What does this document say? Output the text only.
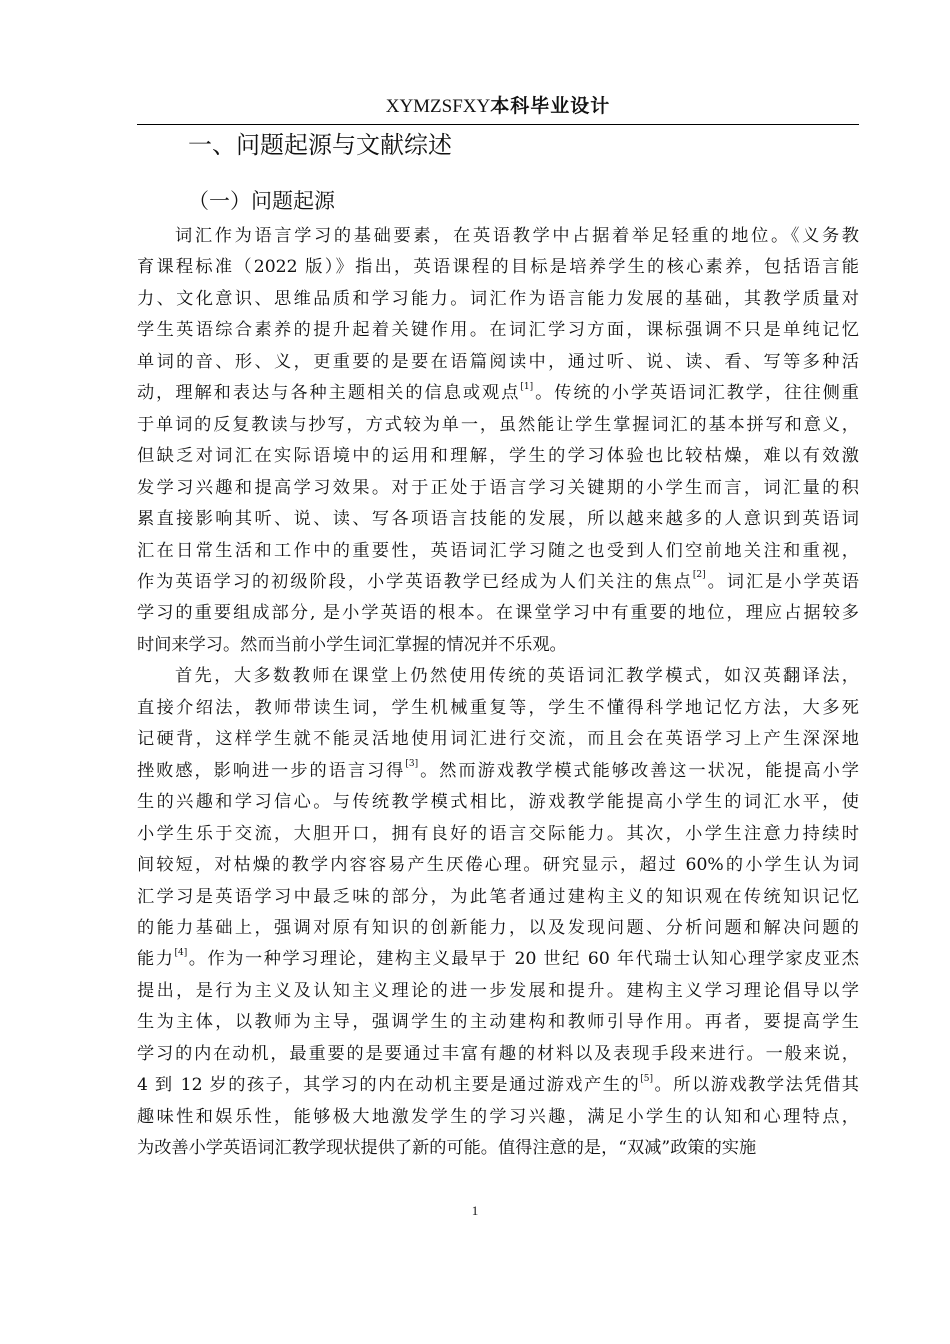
XYMZSFXY本科毕业设计
一、问题起源与文献综述
（一）问题起源
词汇作为语言学习的基础要素，在英语教学中占据着举足轻重的地位。《义务教
育课程标准（2022 版）》指出，英语课程的目标是培养学生的核心素养，包括语言能
力、文化意识、思维品质和学习能力。词汇作为语言能力发展的基础，其教学质量对
学生英语综合素养的提升起着关键作用。在词汇学习方面，课标强调不只是单纯记忆
单词的音、形、义，更重要的是要在语篇阅读中，通过听、说、读、看、写等多种活
动，理解和表达与各种主题相关的信息或观点[1]。传统的小学英语词汇教学，往往侧重
于单词的反复教读与抄写，方式较为单一，虽然能让学生掌握词汇的基本拼写和意义，
但缺乏对词汇在实际语境中的运用和理解，学生的学习体验也比较枯燥，难以有效激
发学习兴趣和提高学习效果。对于正处于语言学习关键期的小学生而言，词汇量的积
累直接影响其听、说、读、写各项语言技能的发展，所以越来越多的人意识到英语词
汇在日常生活和工作中的重要性，英语词汇学习随之也受到人们空前地关注和重视，
作为英语学习的初级阶段，小学英语教学已经成为人们关注的焦点[2]。词汇是小学英语
学习的重要组成部分, 是小学英语的根本。在课堂学习中有重要的地位，理应占据较多
时间来学习。然而当前小学生词汇掌握的情况并不乐观。
首先，大多数教师在课堂上仍然使用传统的英语词汇教学模式，如汉英翻译法，
直接介绍法，教师带读生词，学生机械重复等，学生不懂得科学地记忆方法，大多死
记硬背，这样学生就不能灵活地使用词汇进行交流，而且会在英语学习上产生深深地
挫败感，影响进一步的语言习得[3]。然而游戏教学模式能够改善这一状况，能提高小学
生的兴趣和学习信心。与传统教学模式相比，游戏教学能提高小学生的词汇水平，使
小学生乐于交流，大胆开口，拥有良好的语言交际能力。其次，小学生注意力持续时
间较短，对枯燥的教学内容容易产生厌倦心理。研究显示，超过 60%的小学生认为词
汇学习是英语学习中最乏味的部分，为此笔者通过建构主义的知识观在传统知识记忆
的能力基础上，强调对原有知识的创新能力，以及发现问题、分析问题和解决问题的
能力[4]。作为一种学习理论，建构主义最早于 20 世纪 60 年代瑞士认知心理学家皮亚杰
提出，是行为主义及认知主义理论的进一步发展和提升。建构主义学习理论倡导以学
生为主体，以教师为主导，强调学生的主动建构和教师引导作用。再者，要提高学生
学习的内在动机，最重要的是要通过丰富有趣的材料以及表现手段来进行。一般来说，
4 到 12 岁的孩子，其学习的内在动机主要是通过游戏产生的[5]。所以游戏教学法凭借其
趣味性和娱乐性，能够极大地激发学生的学习兴趣，满足小学生的认知和心理特点，
为改善小学英语词汇教学现状提供了新的可能。值得注意的是，“双减”政策的实施
1
